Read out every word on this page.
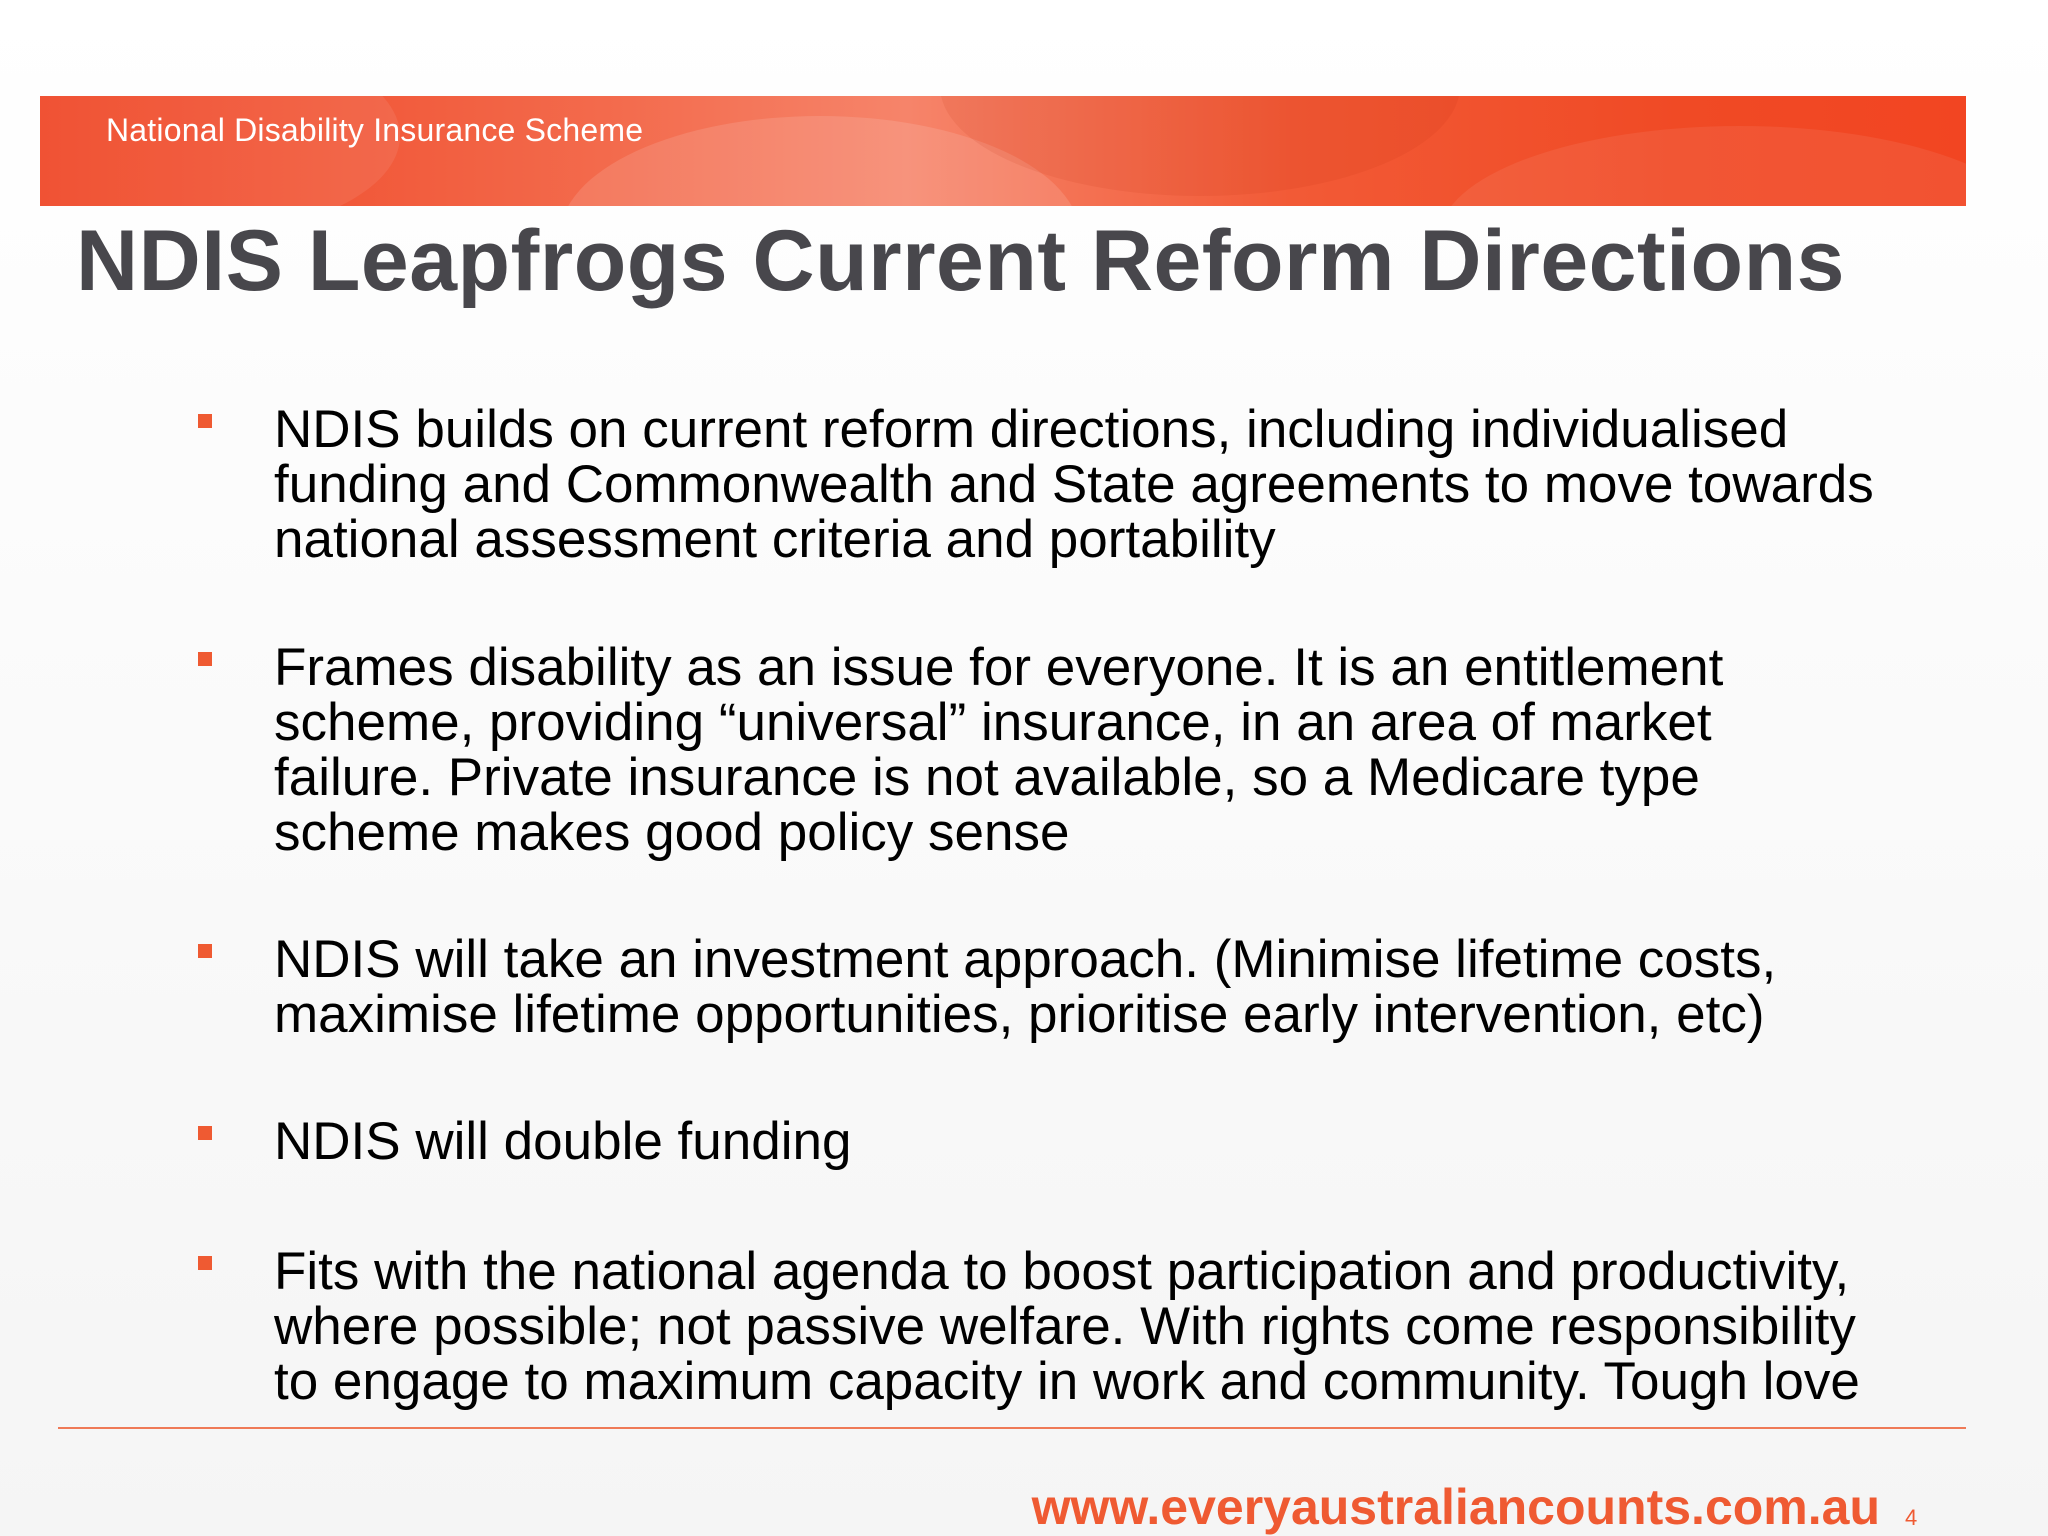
National Disability Insurance Scheme
NDIS Leapfrogs Current Reform Directions
NDIS builds on current reform directions, including individualised
funding and Commonwealth and State agreements to move towards
national assessment criteria and portability
Frames disability as an issue for everyone. It is an entitlement
scheme, providing “universal” insurance, in an area of market
failure. Private insurance is not available, so a Medicare type
scheme makes good policy sense
NDIS will take an investment approach. (Minimise lifetime costs,
maximise lifetime opportunities, prioritise early intervention, etc)
NDIS will double funding
Fits with the national agenda to boost participation and productivity,
where possible; not passive welfare. With rights come responsibility
to engage to maximum capacity in work and community. Tough love
www.everyaustraliancounts.com.au 4
